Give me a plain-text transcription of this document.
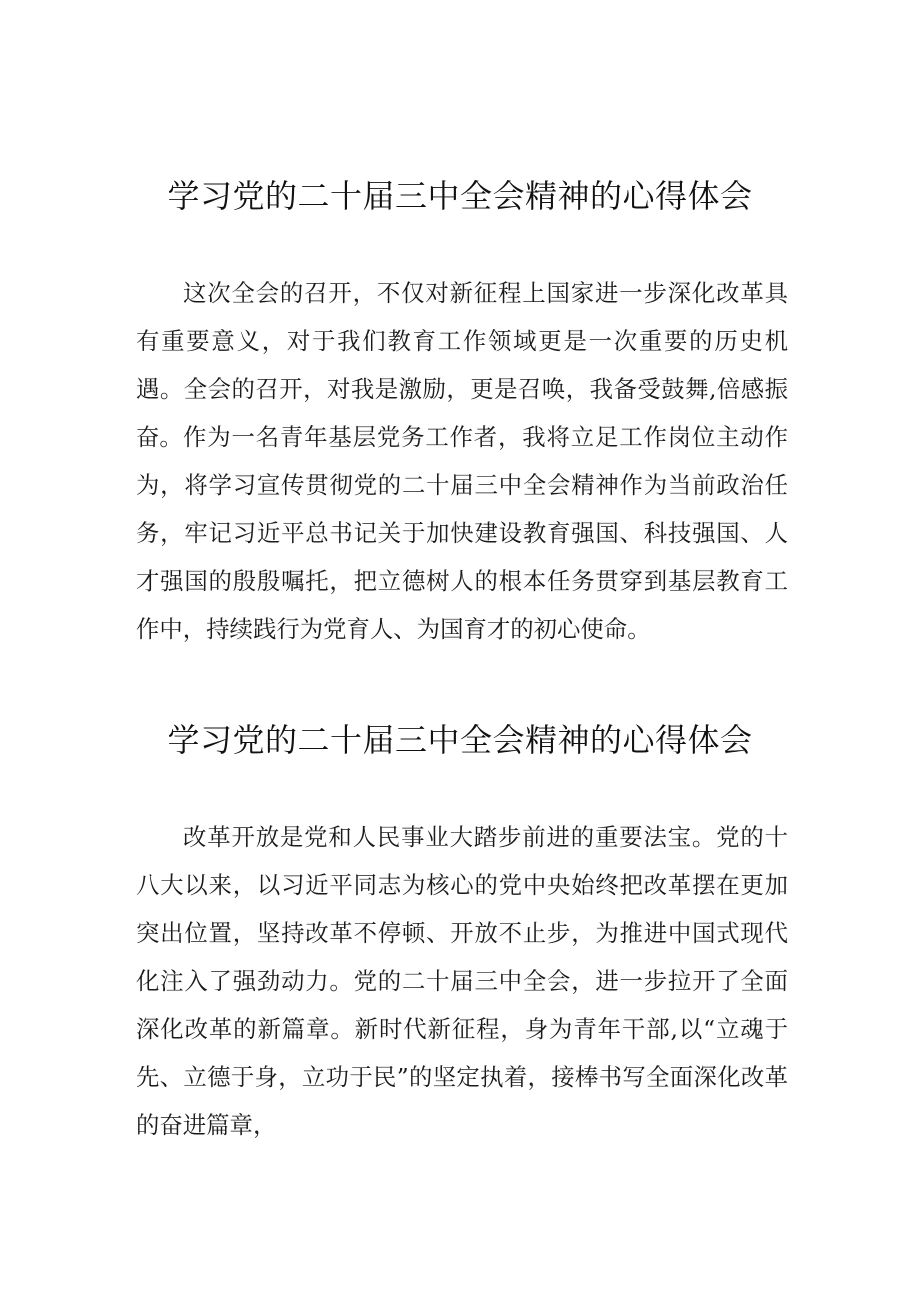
学习党的二十届三中全会精神的心得体会

这次全会的召开，不仅对新征程上国家进一步深化改革具有重要意义，对于我们教育工作领域更是一次重要的历史机遇。全会的召开，对我是激励，更是召唤，我备受鼓舞,倍感振奋。 作为一名青年基层党务工作者，我将立足工作岗位主动作为，将学习宣传贯彻党的二十届三中全会精神作为当前政治任务，牢记习近平总书记关于加快建设教育强国、科技强国、人才强国的殷殷嘱托，把立德树人的根本任务贯穿到基层教育工作中，持续践行为党育人、为国育才的初心使命。

学习党的二十届三中全会精神的心得体会

改革开放是党和人民事业大踏步前进的重要法宝。党的十八大以来，以习近平同志为核心的党中央始终把改革摆在更加突出位置，坚持改革不停顿、开放不止步，为推进中国式现代化注入了强劲动力。党的二十届三中全会，进一步拉开了全面深化改革的新篇章。新时代新征程，身为青年干部,以“立魂于先、立德于身，立功于民”的坚定执着，接棒书写全面深化改革的奋进篇章，
